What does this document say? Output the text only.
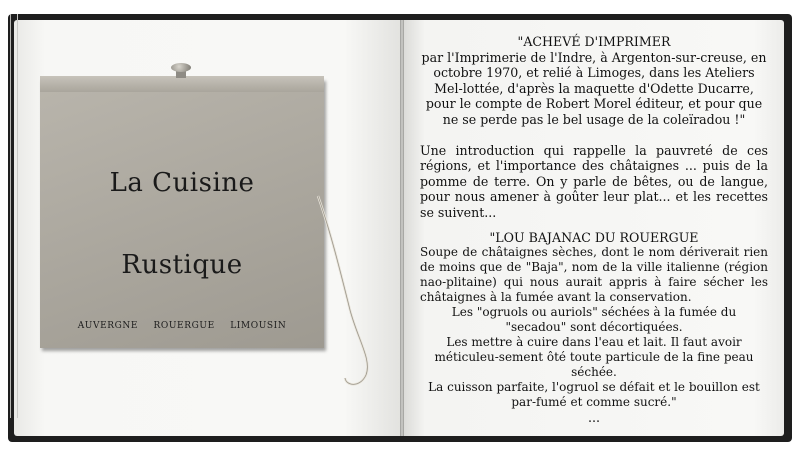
La Cuisine
Rustique
AUVERGNE ROUERGUE LIMOUSIN

"ACHEVÉ D'IMPRIMER

par l'Imprimerie de l'Indre, à Argenton-sur-creuse, en octobre 1970, et relié à Limoges, dans les Ateliers Mel-lottée, d'après la maquette d'Odette Ducarre, pour le compte de Robert Morel éditeur, et pour que ne se perde pas le bel usage de la coleïradou !"

Une introduction qui rappelle la pauvreté de ces régions, et l'importance des châtaignes ... puis de la pomme de terre. On y parle de bêtes, ou de langue, pour nous amener à goûter leur plat... et les recettes se suivent...

"LOU BAJANAC DU ROUERGUE

Soupe de châtaignes sèches, dont le nom dériverait rien de moins que de "Baja", nom de la ville italienne (région nao-plitaine) qui nous aurait appris à faire sécher les châtaignes à la fumée avant la conservation.

Les "ogruols ou auriols" séchées à la fumée du "secadou" sont décortiquées.

Les mettre à cuire dans l'eau et lait. Il faut avoir méticuleu-sement ôté toute particule de la fine peau séchée.

La cuisson parfaite, l'ogruol se défait et le bouillon est par-fumé et comme sucré."

...
